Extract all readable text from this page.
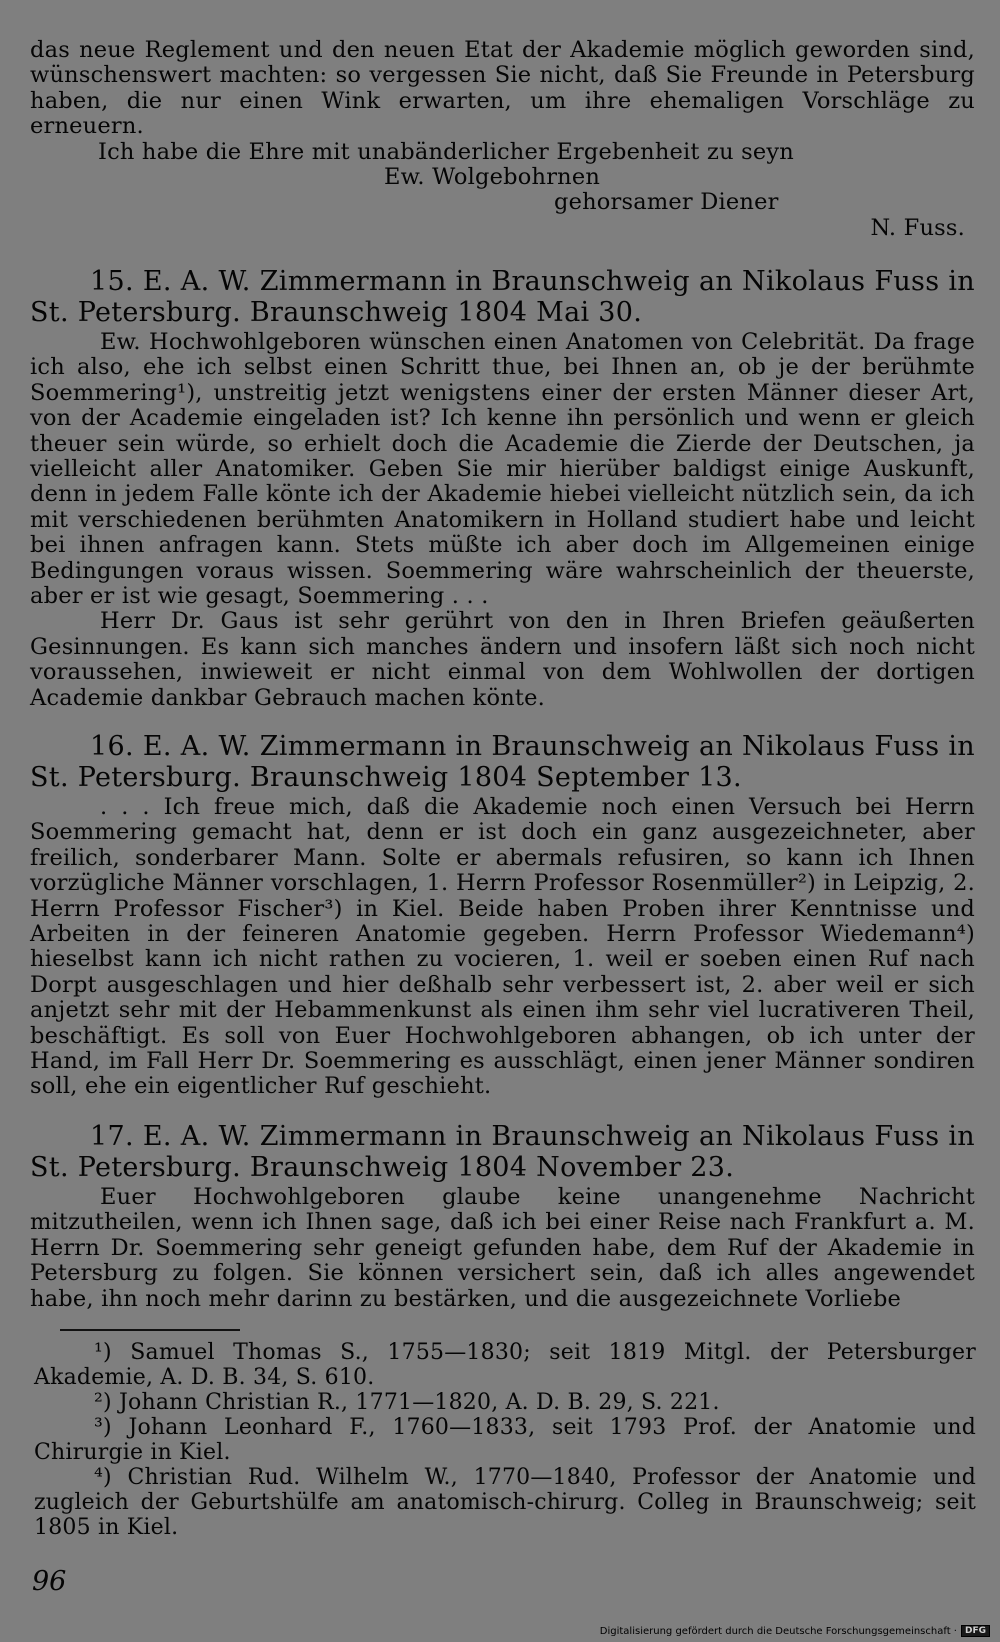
das neue Reglement und den neuen Etat der Akademie möglich geworden sind, wünschenswert machten: so vergessen Sie nicht, daß Sie Freunde in Petersburg haben, die nur einen Wink erwarten, um ihre ehemaligen Vorschläge zu erneuern.

Ich habe die Ehre mit unabänderlicher Ergebenheit zu seyn

Ew. Wolgebohrnen

gehorsamer Diener

N. Fuss.

15. E. A. W. Zimmermann in Braunschweig an Nikolaus Fuss in
St. Petersburg. Braunschweig 1804 Mai 30.

Ew. Hochwohlgeboren wünschen einen Anatomen von Celebrität. Da frage ich also, ehe ich selbst einen Schritt thue, bei Ihnen an, ob je der berühmte Soemmering¹), unstreitig jetzt wenigstens einer der ersten Männer dieser Art, von der Academie eingeladen ist? Ich kenne ihn persönlich und wenn er gleich theuer sein würde, so erhielt doch die Academie die Zierde der Deutschen, ja vielleicht aller Anatomiker. Geben Sie mir hierüber baldigst einige Auskunft, denn in jedem Falle könte ich der Akademie hiebei vielleicht nützlich sein, da ich mit verschiedenen berühmten Anatomikern in Holland studiert habe und leicht bei ihnen anfragen kann. Stets müßte ich aber doch im Allgemeinen einige Bedingungen voraus wissen. Soemmering wäre wahrscheinlich der theuerste, aber er ist wie gesagt, Soemmering . . .

Herr Dr. Gaus ist sehr gerührt von den in Ihren Briefen geäußerten Gesinnungen. Es kann sich manches ändern und insofern läßt sich noch nicht voraussehen, inwieweit er nicht einmal von dem Wohlwollen der dortigen Academie dankbar Gebrauch machen könte.

16. E. A. W. Zimmermann in Braunschweig an Nikolaus Fuss in
St. Petersburg. Braunschweig 1804 September 13.

. . . Ich freue mich, daß die Akademie noch einen Versuch bei Herrn Soemmering gemacht hat, denn er ist doch ein ganz ausgezeichneter, aber freilich, sonderbarer Mann. Solte er abermals refusiren, so kann ich Ihnen vorzügliche Männer vorschlagen, 1. Herrn Professor Rosenmüller²) in Leipzig, 2. Herrn Professor Fischer³) in Kiel. Beide haben Proben ihrer Kenntnisse und Arbeiten in der feineren Anatomie gegeben. Herrn Professor Wiedemann⁴) hieselbst kann ich nicht rathen zu vocieren, 1. weil er soeben einen Ruf nach Dorpt ausgeschlagen und hier deßhalb sehr verbessert ist, 2. aber weil er sich anjetzt sehr mit der Hebammenkunst als einen ihm sehr viel lucrativeren Theil, beschäftigt. Es soll von Euer Hochwohlgeboren abhangen, ob ich unter der Hand, im Fall Herr Dr. Soemmering es ausschlägt, einen jener Männer sondiren soll, ehe ein eigentlicher Ruf geschieht.

17. E. A. W. Zimmermann in Braunschweig an Nikolaus Fuss in
St. Petersburg. Braunschweig 1804 November 23.

Euer Hochwohlgeboren glaube keine unangenehme Nachricht mitzutheilen, wenn ich Ihnen sage, daß ich bei einer Reise nach Frankfurt a. M. Herrn Dr. Soemmering sehr geneigt gefunden habe, dem Ruf der Akademie in Petersburg zu folgen. Sie können versichert sein, daß ich alles angewendet habe, ihn noch mehr darinn zu bestärken, und die ausgezeichnete Vorliebe

¹) Samuel Thomas S., 1755—1830; seit 1819 Mitgl. der Petersburger Akademie, A. D. B. 34, S. 610.

²) Johann Christian R., 1771—1820, A. D. B. 29, S. 221.

³) Johann Leonhard F., 1760—1833, seit 1793 Prof. der Anatomie und Chirurgie in Kiel.

⁴) Christian Rud. Wilhelm W., 1770—1840, Professor der Anatomie und zugleich der Geburtshülfe am anatomisch-chirurg. Colleg in Braunschweig; seit 1805 in Kiel.

96
Digitalisierung gefördert durch die Deutsche Forschungsgemeinschaft · DFG
